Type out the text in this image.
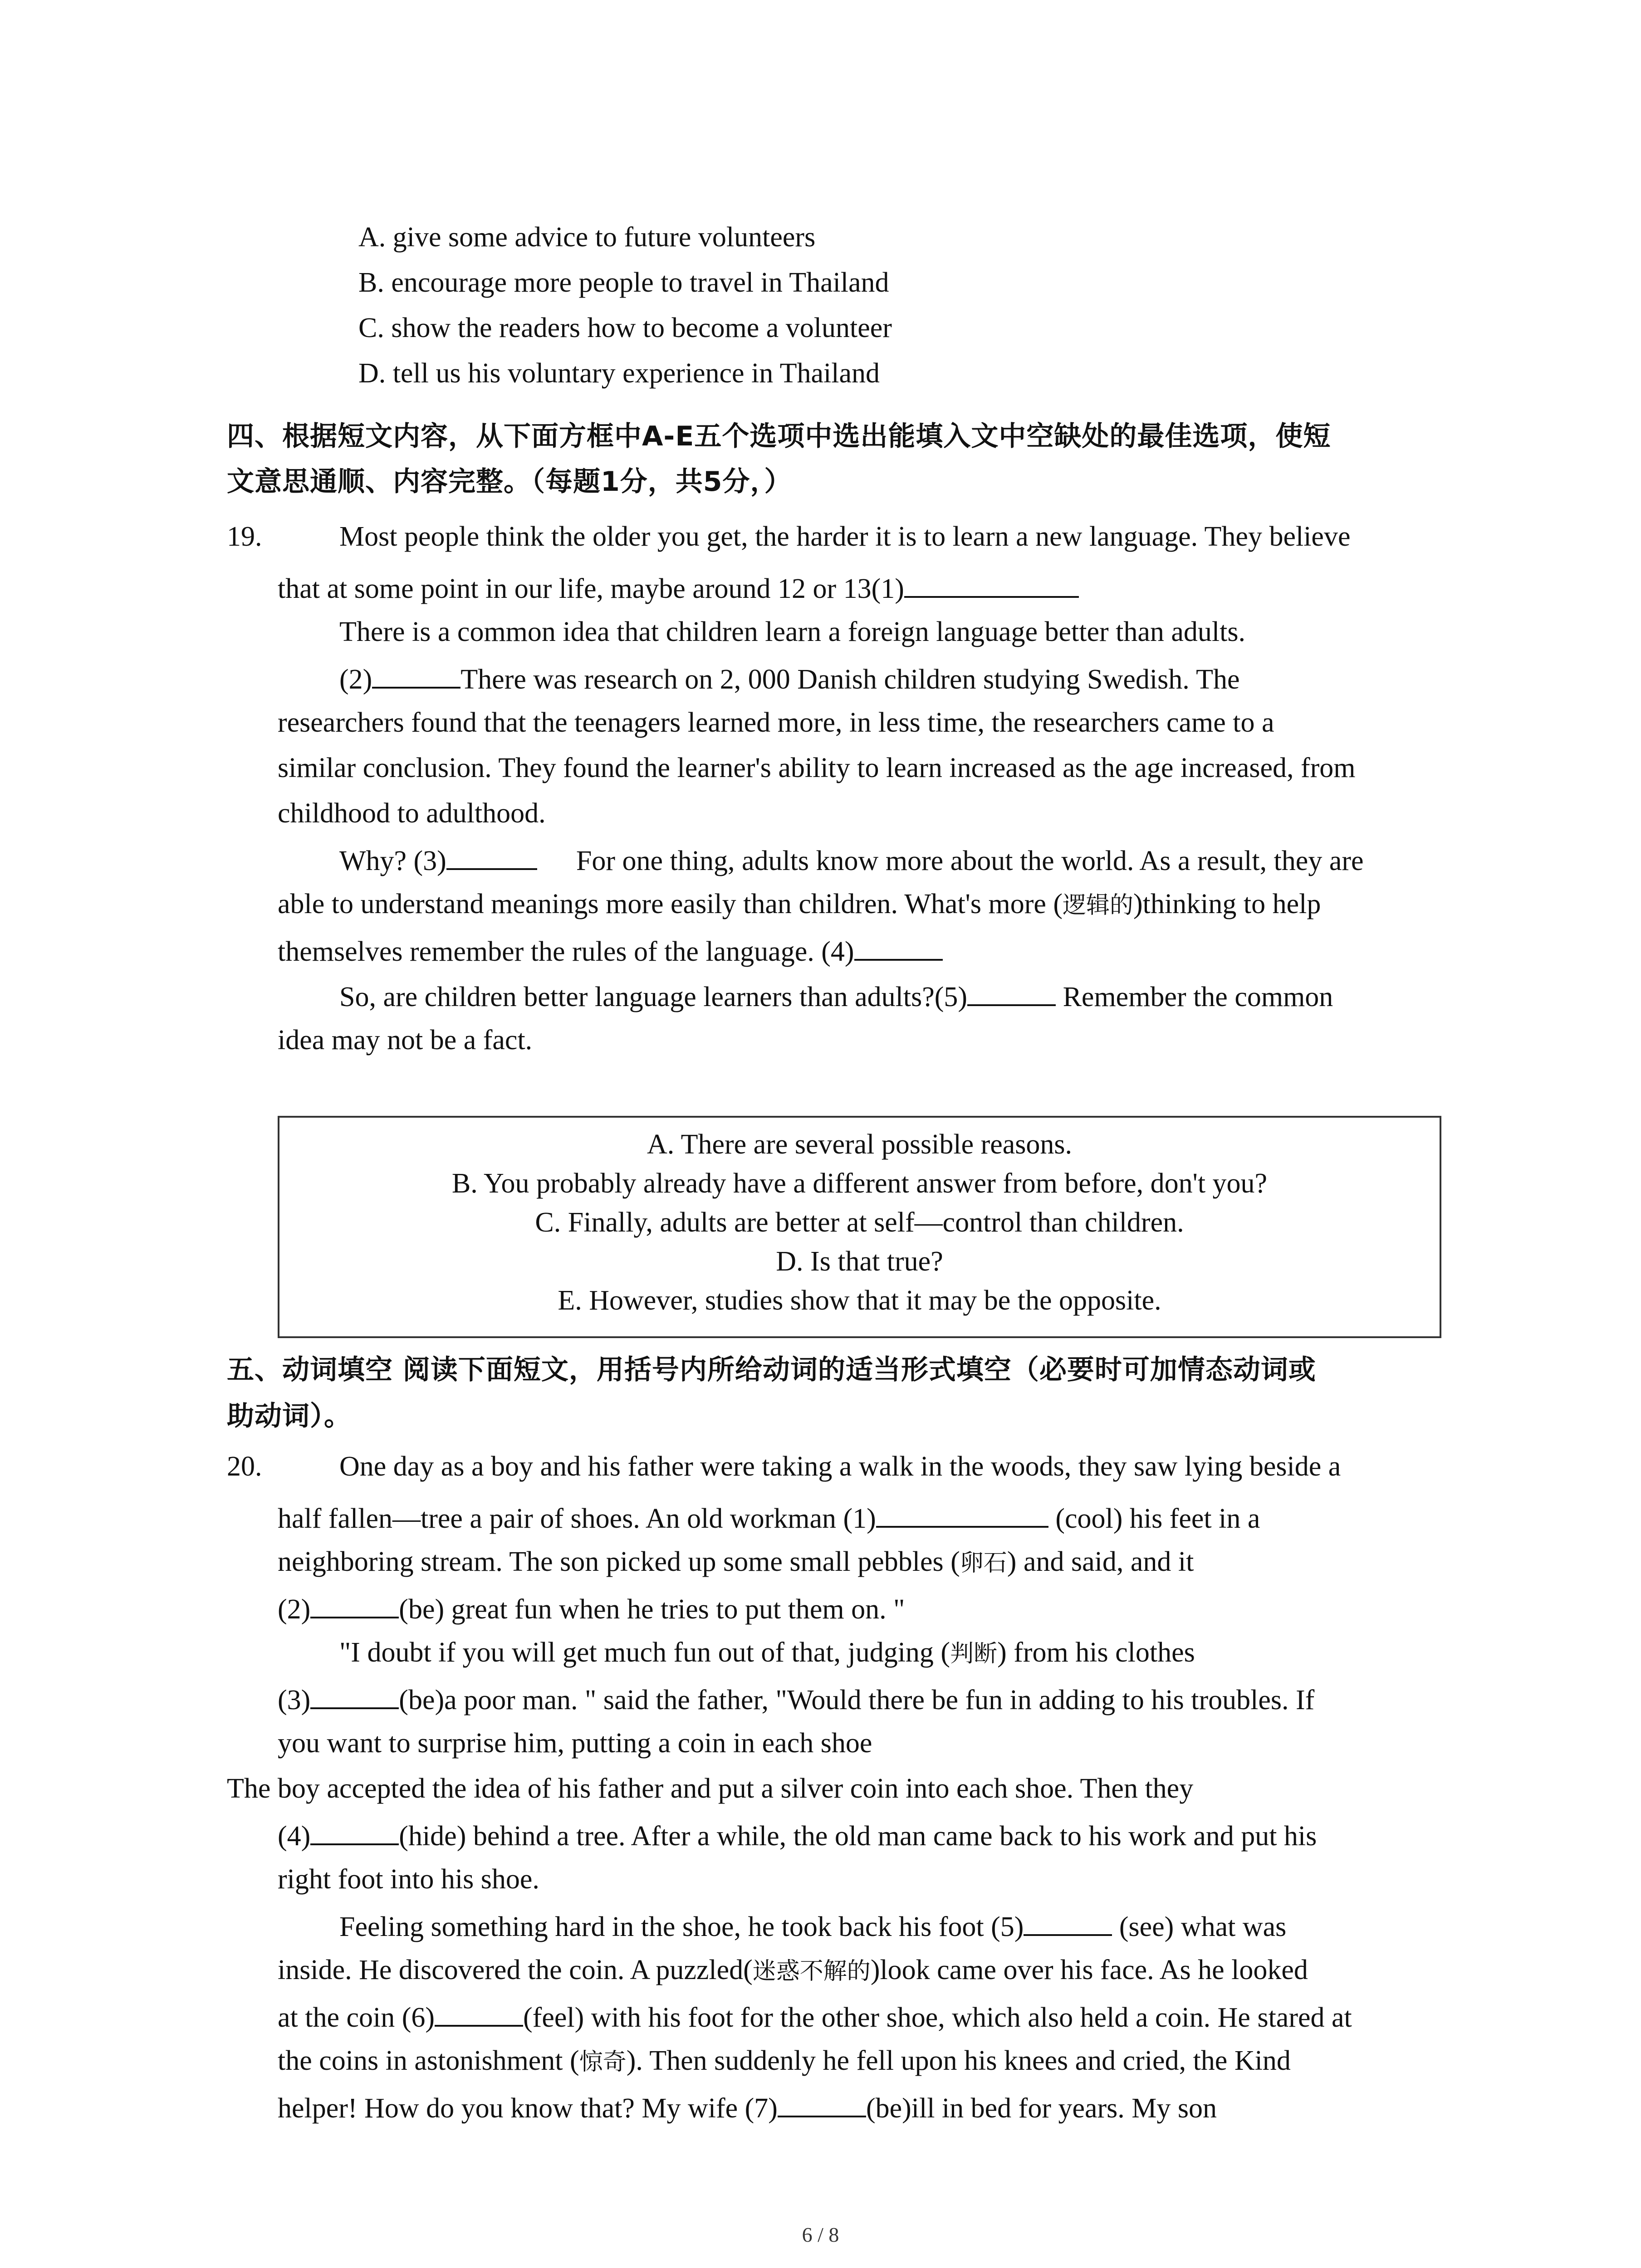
A. give some advice to future volunteers
B. encourage more people to travel in Thailand
C. show the readers how to become a volunteer
D. tell us his voluntary experience in Thailand
四、根据短文内容，从下面方框中A-E五个选项中选出能填入文中空缺处的最佳选项，使短
文意思通顺、内容完整。（每题1分，共5分，）
19.	Most people think the older you get, the harder it is to learn a new language. They believe
that at some point in our life, maybe around 12 or 13(1)
There is a common idea that children learn a foreign language better than adults.
(2)	There was research on 2, 000 Danish children studying Swedish. The
researchers found that the teenagers learned more, in less time, the researchers came to a
similar conclusion. They found the learner's ability to learn increased as the age increased, from
childhood to adulthood.
Why? (3)	For one thing, adults know more about the world. As a result, they are
able to understand meanings more easily than children. What's more (逻辑的)thinking to help
themselves remember the rules of the language. (4)
So, are children better language learners than adults?(5)	Remember the common
idea may not be a fact.
A. There are several possible reasons.
B. You probably already have a different answer from before, don't you?
C. Finally, adults are better at self—control than children.
D. Is that true?
E. However, studies show that it may be the opposite.
五、动词填空 阅读下面短文，用括号内所给动词的适当形式填空（必要时可加情态动词或
助动词）。
20.	One day as a boy and his father were taking a walk in the woods, they saw lying beside a
half fallen—tree a pair of shoes. An old workman (1)	(cool) his feet in a
neighboring stream. The son picked up some small pebbles (卵石) and said, and it
(2)	(be) great fun when he tries to put them on. "
"I doubt if you will get much fun out of that, judging (判断) from his clothes
(3)	(be)a poor man. " said the father, "Would there be fun in adding to his troubles. If
you want to surprise him, putting a coin in each shoe
The boy accepted the idea of his father and put a silver coin into each shoe. Then they
(4)	(hide) behind a tree. After a while, the old man came back to his work and put his
right foot into his shoe.
Feeling something hard in the shoe, he took back his foot (5)	(see) what was
inside. He discovered the coin. A puzzled(迷惑不解的)look came over his face. As he looked
at the coin (6)	(feel) with his foot for the other shoe, which also held a coin. He stared at
the coins in astonishment (惊奇). Then suddenly he fell upon his knees and cried, the Kind
helper! How do you know that? My wife (7)	(be)ill in bed for years. My son
6 / 8
